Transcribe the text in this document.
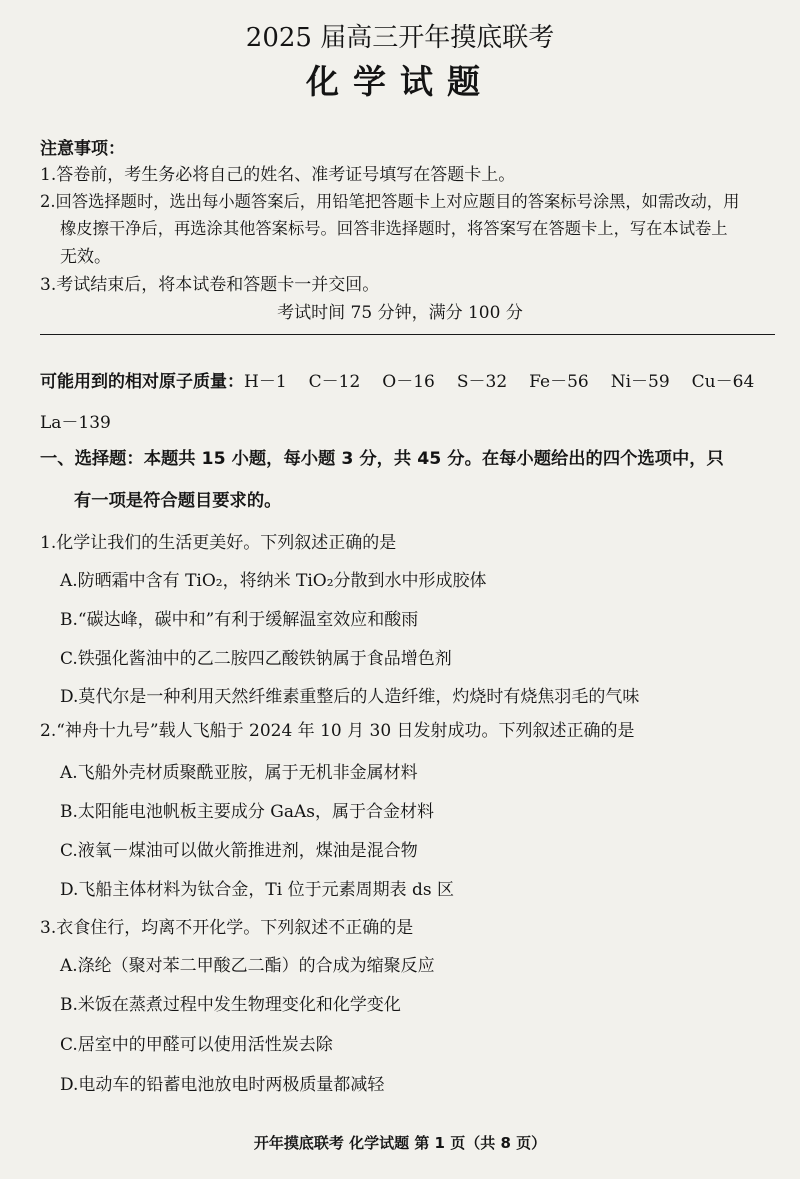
2025 届高三开年摸底联考
化学试题
注意事项：
1.答卷前，考生务必将自己的姓名、准考证号填写在答题卡上。
2.回答选择题时，选出每小题答案后，用铅笔把答题卡上对应题目的答案标号涂黑，如需改动，用
橡皮擦干净后，再选涂其他答案标号。回答非选择题时，将答案写在答题卡上，写在本试卷上
无效。
3.考试结束后，将本试卷和答题卡一并交回。
考试时间 75 分钟，满分 100 分
可能用到的相对原子质量：H－1 C－12 O－16 S－32 Fe－56 Ni－59 Cu－64
La－139
一、选择题：本题共 15 小题，每小题 3 分，共 45 分。在每小题给出的四个选项中，只
有一项是符合题目要求的。
1.化学让我们的生活更美好。下列叙述正确的是
A.防晒霜中含有 TiO₂，将纳米 TiO₂分散到水中形成胶体
B.“碳达峰，碳中和”有利于缓解温室效应和酸雨
C.铁强化酱油中的乙二胺四乙酸铁钠属于食品增色剂
D.莫代尔是一种利用天然纤维素重整后的人造纤维，灼烧时有烧焦羽毛的气味
2.“神舟十九号”载人飞船于 2024 年 10 月 30 日发射成功。下列叙述正确的是
A.飞船外壳材质聚酰亚胺，属于无机非金属材料
B.太阳能电池帆板主要成分 GaAs，属于合金材料
C.液氧－煤油可以做火箭推进剂，煤油是混合物
D.飞船主体材料为钛合金，Ti 位于元素周期表 ds 区
3.衣食住行，均离不开化学。下列叙述不正确的是
A.涤纶（聚对苯二甲酸乙二酯）的合成为缩聚反应
B.米饭在蒸煮过程中发生物理变化和化学变化
C.居室中的甲醛可以使用活性炭去除
D.电动车的铅蓄电池放电时两极质量都减轻
开年摸底联考 化学试题 第 1 页（共 8 页）
